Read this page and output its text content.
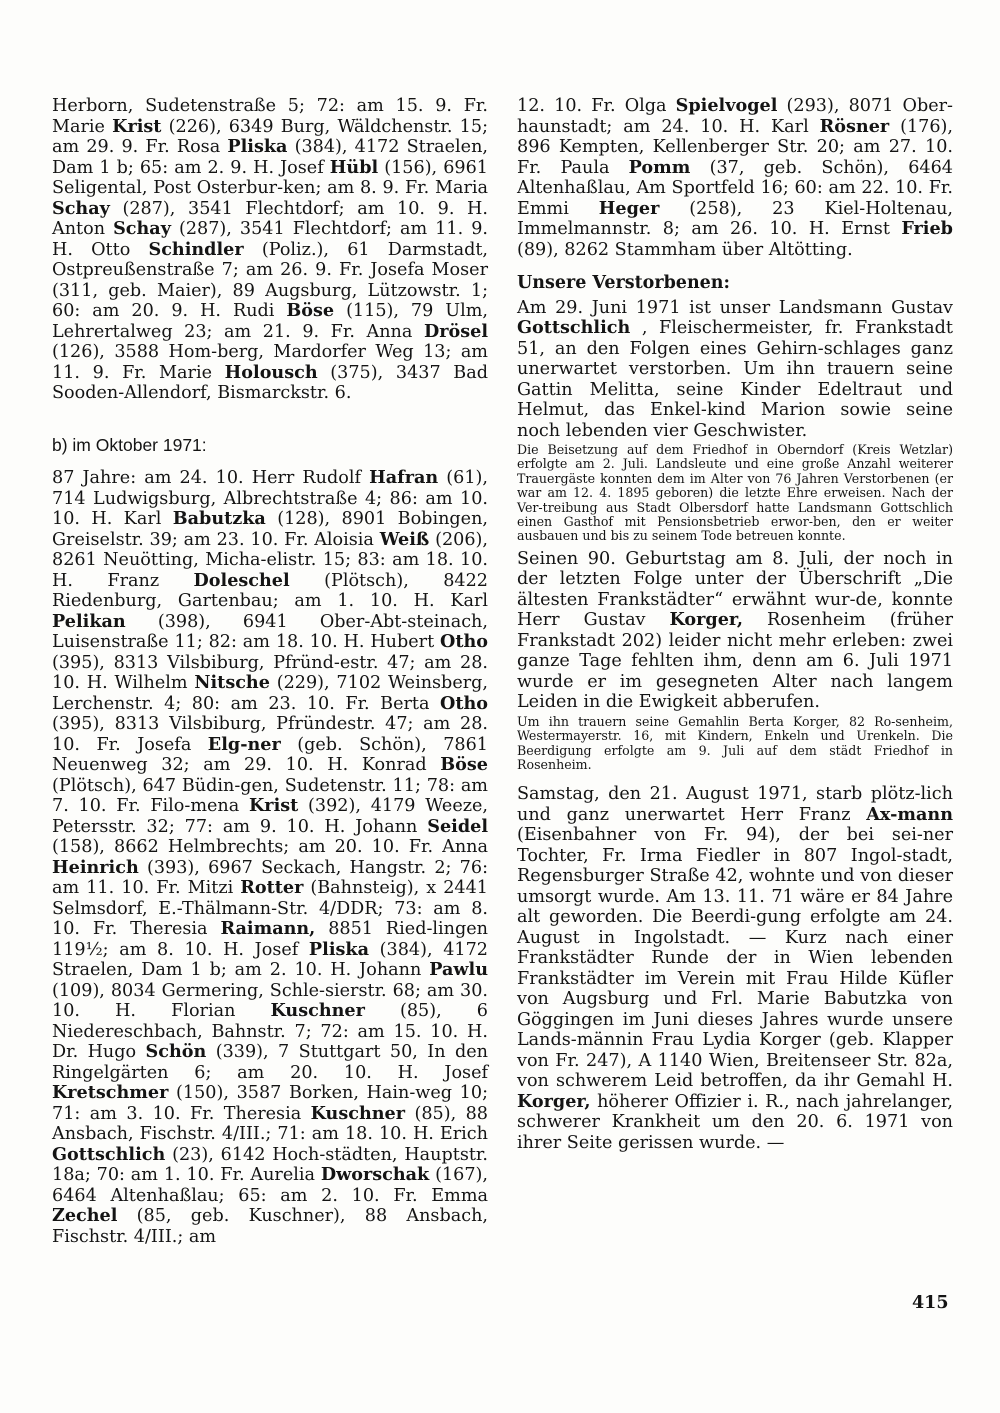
Herborn, Sudetenstraße 5; 72: am 15. 9. Fr. Marie Krist (226), 6349 Burg, Wäldchenstr. 15; am 29. 9. Fr. Rosa Pliska (384), 4172 Straelen, Dam 1 b; 65: am 2. 9. H. Josef Hübl (156), 6961 Seligental, Post Osterbur-ken; am 8. 9. Fr. Maria Schay (287), 3541 Flechtdorf; am 10. 9. H. Anton Schay (287), 3541 Flechtdorf; am 11. 9. H. Otto Schindler (Poliz.), 61 Darmstadt, Ostpreußenstraße 7; am 26. 9. Fr. Josefa Moser (311, geb. Maier), 89 Augsburg, Lützowstr. 1; 60: am 20. 9. H. Rudi Böse (115), 79 Ulm, Lehrertalweg 23; am 21. 9. Fr. Anna Drösel (126), 3588 Hom-berg, Mardorfer Weg 13; am 11. 9. Fr. Marie Holousch (375), 3437 Bad Sooden-Allendorf, Bismarckstr. 6.

b) im Oktober 1971:

87 Jahre: am 24. 10. Herr Rudolf Hafran (61), 714 Ludwigsburg, Albrechtstraße 4; 86: am 10. 10. H. Karl Babutzka (128), 8901 Bobingen, Greiselstr. 39; am 23. 10. Fr. Aloisia Weiß (206), 8261 Neuötting, Micha-elistr. 15; 83: am 18. 10. H. Franz Doleschel (Plötsch), 8422 Riedenburg, Gartenbau; am 1. 10. H. Karl Pelikan (398), 6941 Ober-Abt-steinach, Luisenstraße 11; 82: am 18. 10. H. Hubert Otho (395), 8313 Vilsbiburg, Pfründ-estr. 47; am 28. 10. H. Wilhelm Nitsche (229), 7102 Weinsberg, Lerchenstr. 4; 80: am 23. 10. Fr. Berta Otho (395), 8313 Vilsbiburg, Pfründestr. 47; am 28. 10. Fr. Josefa Elg-ner (geb. Schön), 7861 Neuenweg 32; am 29. 10. H. Konrad Böse (Plötsch), 647 Büdin-gen, Sudetenstr. 11; 78: am 7. 10. Fr. Filo-mena Krist (392), 4179 Weeze, Petersstr. 32; 77: am 9. 10. H. Johann Seidel (158), 8662 Helmbrechts; am 20. 10. Fr. Anna Heinrich (393), 6967 Seckach, Hangstr. 2; 76: am 11. 10. Fr. Mitzi Rotter (Bahnsteig), x 2441 Selmsdorf, E.-Thälmann-Str. 4/DDR; 73: am 8. 10. Fr. Theresia Raimann, 8851 Ried-lingen 119½; am 8. 10. H. Josef Pliska (384), 4172 Straelen, Dam 1 b; am 2. 10. H. Johann Pawlu (109), 8034 Germering, Schle-sierstr. 68; am 30. 10. H. Florian Kuschner (85), 6 Niedereschbach, Bahnstr. 7; 72: am 15. 10. H. Dr. Hugo Schön (339), 7 Stuttgart 50, In den Ringelgärten 6; am 20. 10. H. Josef Kretschmer (150), 3587 Borken, Hain-weg 10; 71: am 3. 10. Fr. Theresia Kuschner (85), 88 Ansbach, Fischstr. 4/III.; 71: am 18. 10. H. Erich Gottschlich (23), 6142 Hoch-städten, Hauptstr. 18a; 70: am 1. 10. Fr. Aurelia Dworschak (167), 6464 Altenhaßlau; 65: am 2. 10. Fr. Emma Zechel (85, geb. Kuschner), 88 Ansbach, Fischstr. 4/III.; am

12. 10. Fr. Olga Spielvogel (293), 8071 Ober-haunstadt; am 24. 10. H. Karl Rösner (176), 896 Kempten, Kellenberger Str. 20; am 27. 10. Fr. Paula Pomm (37, geb. Schön), 6464 Altenhaßlau, Am Sportfeld 16; 60: am 22. 10. Fr. Emmi Heger (258), 23 Kiel-Holtenau, Immelmannstr. 8; am 26. 10. H. Ernst Frieb (89), 8262 Stammham über Altötting.

Unsere Verstorbenen:

Am 29. Juni 1971 ist unser Landsmann Gustav Gottschlich , Fleischermeister, fr. Frankstadt 51, an den Folgen eines Gehirn-schlages ganz unerwartet verstorben. Um ihn trauern seine Gattin Melitta, seine Kinder Edeltraut und Helmut, das Enkel-kind Marion sowie seine noch lebenden vier Geschwister.

Die Beisetzung auf dem Friedhof in Oberndorf (Kreis Wetzlar) erfolgte am 2. Juli. Landsleute und eine große Anzahl weiterer Trauergäste konnten dem im Alter von 76 Jahren Verstorbenen (er war am 12. 4. 1895 geboren) die letzte Ehre erweisen. Nach der Ver-treibung aus Stadt Olbersdorf hatte Landsmann Gottschlich einen Gasthof mit Pensionsbetrieb erwor-ben, den er weiter ausbauen und bis zu seinem Tode betreuen konnte.

Seinen 90. Geburtstag am 8. Juli, der noch in der letzten Folge unter der Überschrift „Die ältesten Frankstädter“ erwähnt wur-de, konnte Herr Gustav Korger, Rosenheim (früher Frankstadt 202) leider nicht mehr erleben: zwei ganze Tage fehlten ihm, denn am 6. Juli 1971 wurde er im gesegneten Alter nach langem Leiden in die Ewigkeit abberufen.

Um ihn trauern seine Gemahlin Berta Korger, 82 Ro-senheim, Westermayerstr. 16, mit Kindern, Enkeln und Urenkeln. Die Beerdigung erfolgte am 9. Juli auf dem städt Friedhof in Rosenheim.

Samstag, den 21. August 1971, starb plötz-lich und ganz unerwartet Herr Franz Ax-mann (Eisenbahner von Fr. 94), der bei sei-ner Tochter, Fr. Irma Fiedler in 807 Ingol-stadt, Regensburger Straße 42, wohnte und von dieser umsorgt wurde. Am 13. 11. 71 wäre er 84 Jahre alt geworden. Die Beerdi-gung erfolgte am 24. August in Ingolstadt. — Kurz nach einer Frankstädter Runde der in Wien lebenden Frankstädter im Verein mit Frau Hilde Küfler von Augsburg und Frl. Marie Babutzka von Göggingen im Juni dieses Jahres wurde unsere Lands-männin Frau Lydia Korger (geb. Klapper von Fr. 247), A 1140 Wien, Breitenseer Str. 82a, von schwerem Leid betroffen, da ihr Gemahl H. Korger, höherer Offizier i. R., nach jahrelanger, schwerer Krankheit um den 20. 6. 1971 von ihrer Seite gerissen wurde. —

415
